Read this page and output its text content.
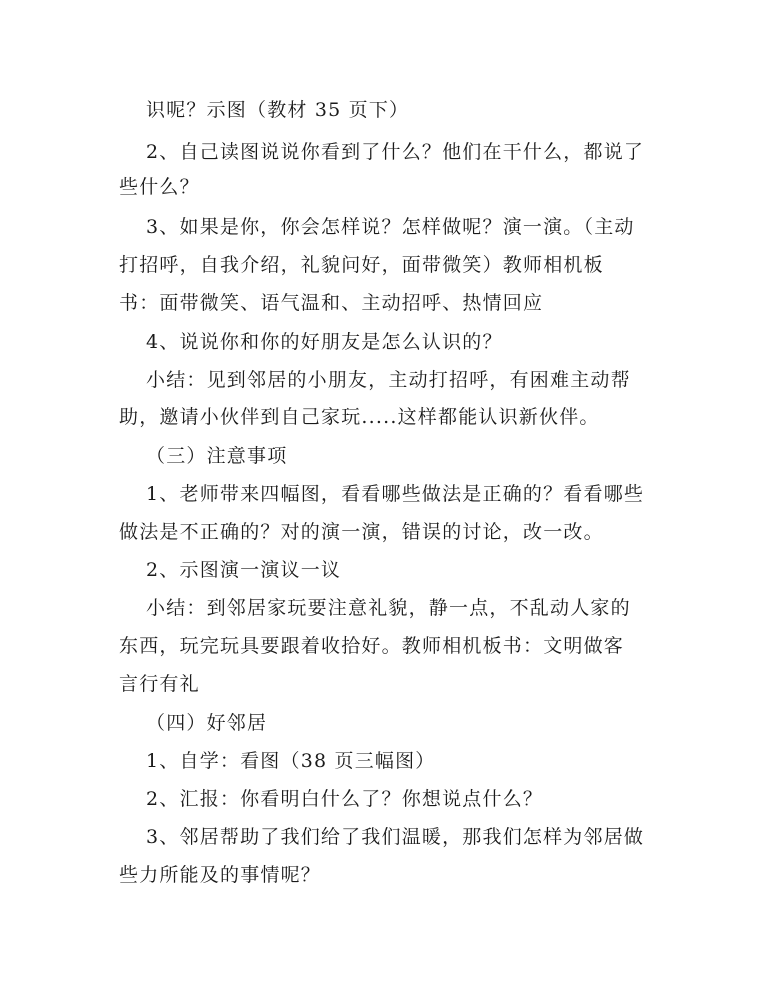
识呢？示图（教材 35 页下）
2、自己读图说说你看到了什么？他们在干什么，都说了
些什么？
3、如果是你，你会怎样说？怎样做呢？演一演。（主动
打招呼，自我介绍，礼貌问好，面带微笑）教师相机板
书：面带微笑、语气温和、主动招呼、热情回应
4、说说你和你的好朋友是怎么认识的？
小结：见到邻居的小朋友，主动打招呼，有困难主动帮
助，邀请小伙伴到自己家玩.....这样都能认识新伙伴。
（三）注意事项
1、老师带来四幅图，看看哪些做法是正确的？看看哪些
做法是不正确的？对的演一演，错误的讨论，改一改。
2、示图演一演议一议
小结：到邻居家玩要注意礼貌，静一点，不乱动人家的
东西，玩完玩具要跟着收拾好。教师相机板书：文明做客
言行有礼
（四）好邻居
1、自学：看图（38 页三幅图）
2、汇报：你看明白什么了？你想说点什么？
3、邻居帮助了我们给了我们温暖，那我们怎样为邻居做
些力所能及的事情呢？
